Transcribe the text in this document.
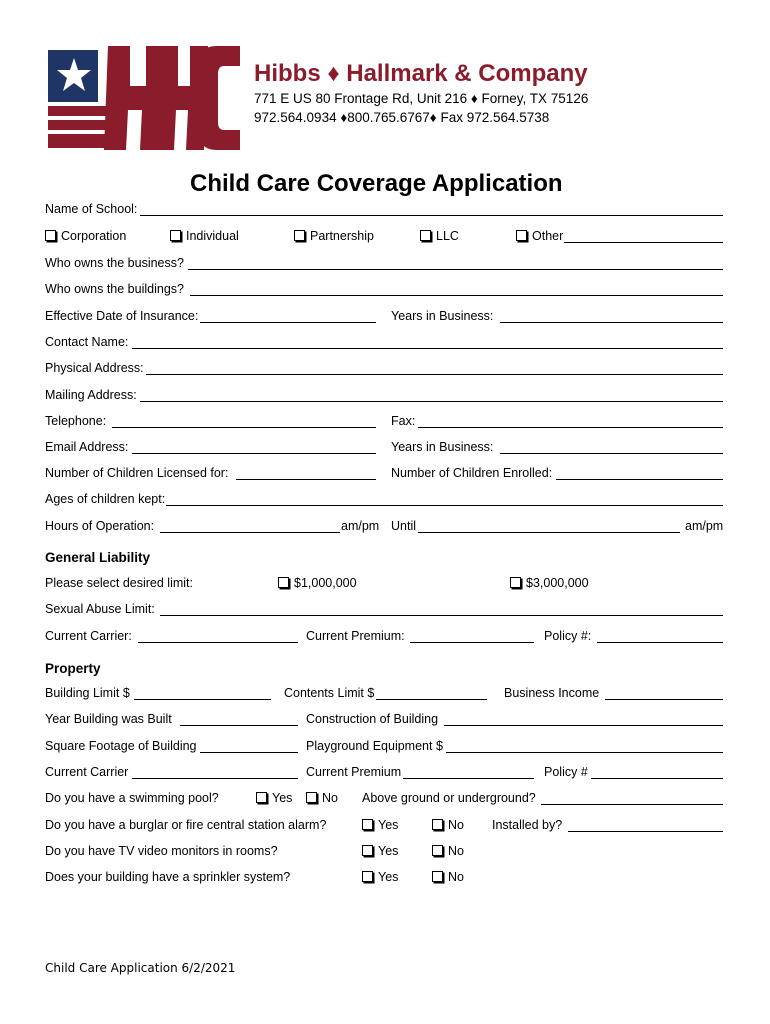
HHC
Hibbs ♦ Hallmark & Company
771 E US 80 Frontage Rd, Unit 216 ♦ Forney, TX 75126
972.564.0934 ♦800.765.6767♦ Fax 972.564.5738
Child Care Coverage Application
Name of School:
Corporation	Individual	Partnership	LLC	Other
Who owns the business?
Who owns the buildings?
Effective Date of Insurance:	Years in Business:
Contact Name:
Physical Address:
Mailing Address:
Telephone:	Fax:
Email Address:	Years in Business:
Number of Children Licensed for:	Number of Children Enrolled:
Ages of children kept:
Hours of Operation:	am/pm Until	am/pm
General Liability
Please select desired limit:	$1,000,000	$3,000,000
Sexual Abuse Limit:
Current Carrier:	Current Premium:	Policy #:
Property
Building Limit $	Contents Limit $	Business Income
Year Building was Built	Construction of Building
Square Footage of Building	Playground Equipment $
Current Carrier	Current Premium	Policy #
Do you have a swimming pool?	Yes	No Above ground or underground?
Do you have a burglar or fire central station alarm?	Yes	No Installed by?
Do you have TV video monitors in rooms?	Yes	No
Does your building have a sprinkler system?	Yes	No
Child Care Application 6/2/2021
